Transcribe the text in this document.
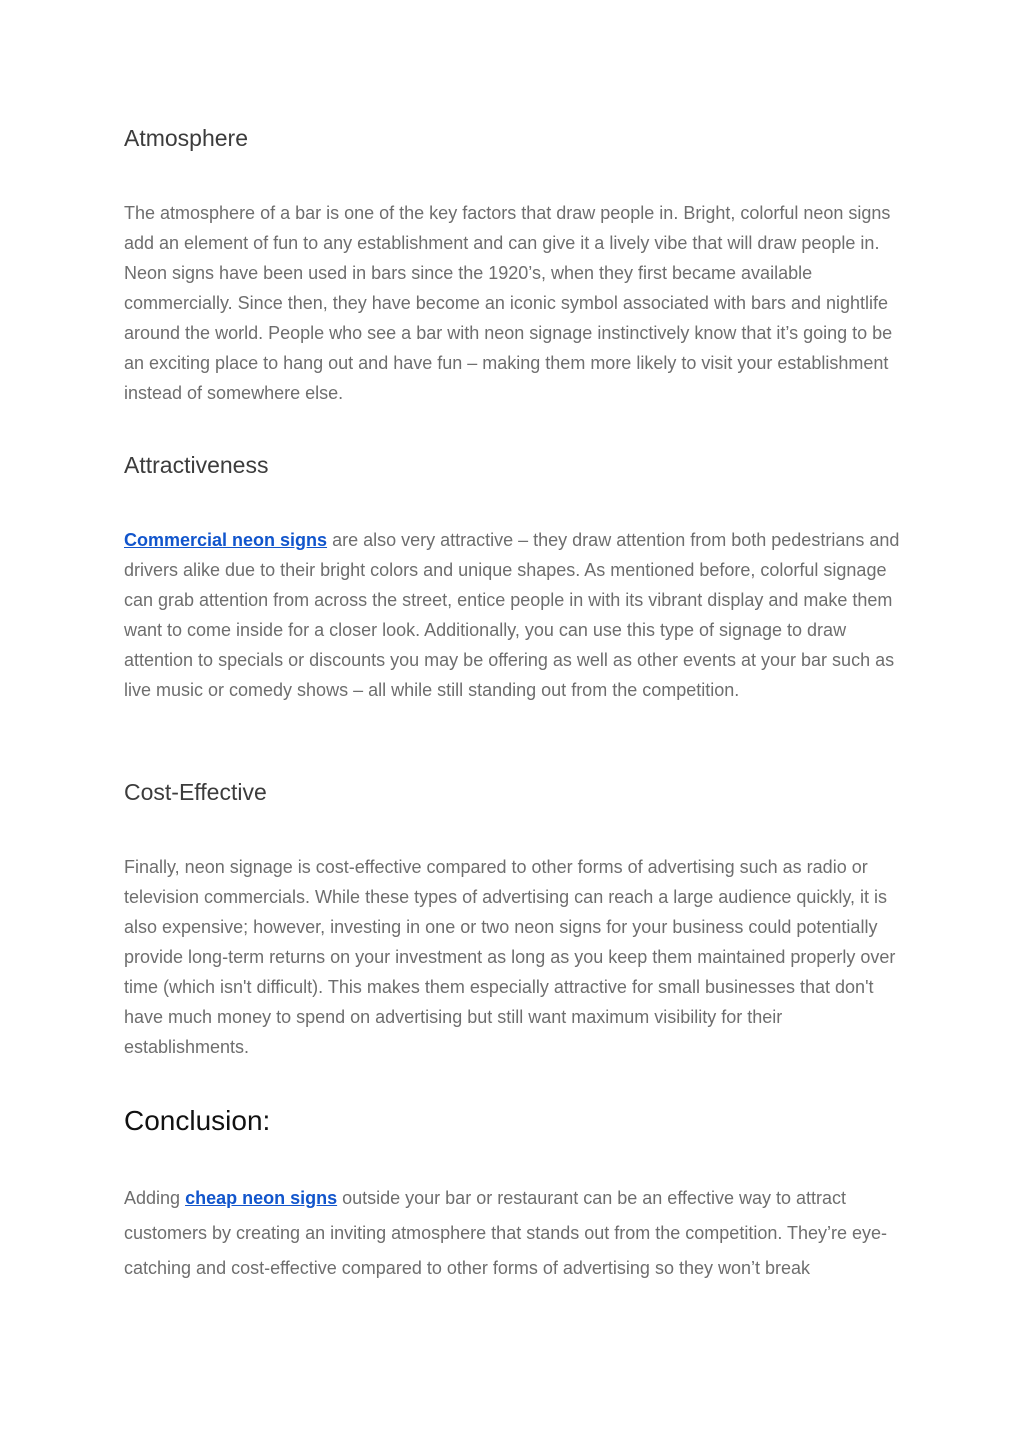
Atmosphere

The atmosphere of a bar is one of the key factors that draw people in. Bright, colorful neon signs add an element of fun to any establishment and can give it a lively vibe that will draw people in. Neon signs have been used in bars since the 1920’s, when they first became available commercially. Since then, they have become an iconic symbol associated with bars and nightlife around the world. People who see a bar with neon signage instinctively know that it’s going to be an exciting place to hang out and have fun – making them more likely to visit your establishment instead of somewhere else.

Attractiveness

Commercial neon signs are also very attractive – they draw attention from both pedestrians and drivers alike due to their bright colors and unique shapes. As mentioned before, colorful signage can grab attention from across the street, entice people in with its vibrant display and make them want to come inside for a closer look. Additionally, you can use this type of signage to draw attention to specials or discounts you may be offering as well as other events at your bar such as live music or comedy shows – all while still standing out from the competition.

Cost-Effective

Finally, neon signage is cost-effective compared to other forms of advertising such as radio or television commercials. While these types of advertising can reach a large audience quickly, it is also expensive; however, investing in one or two neon signs for your business could potentially provide long-term returns on your investment as long as you keep them maintained properly over time (which isn't difficult). This makes them especially attractive for small businesses that don't have much money to spend on advertising but still want maximum visibility for their establishments.

Conclusion:

Adding cheap neon signs outside your bar or restaurant can be an effective way to attract customers by creating an inviting atmosphere that stands out from the competition. They’re eye-catching and cost-effective compared to other forms of advertising so they won’t break
